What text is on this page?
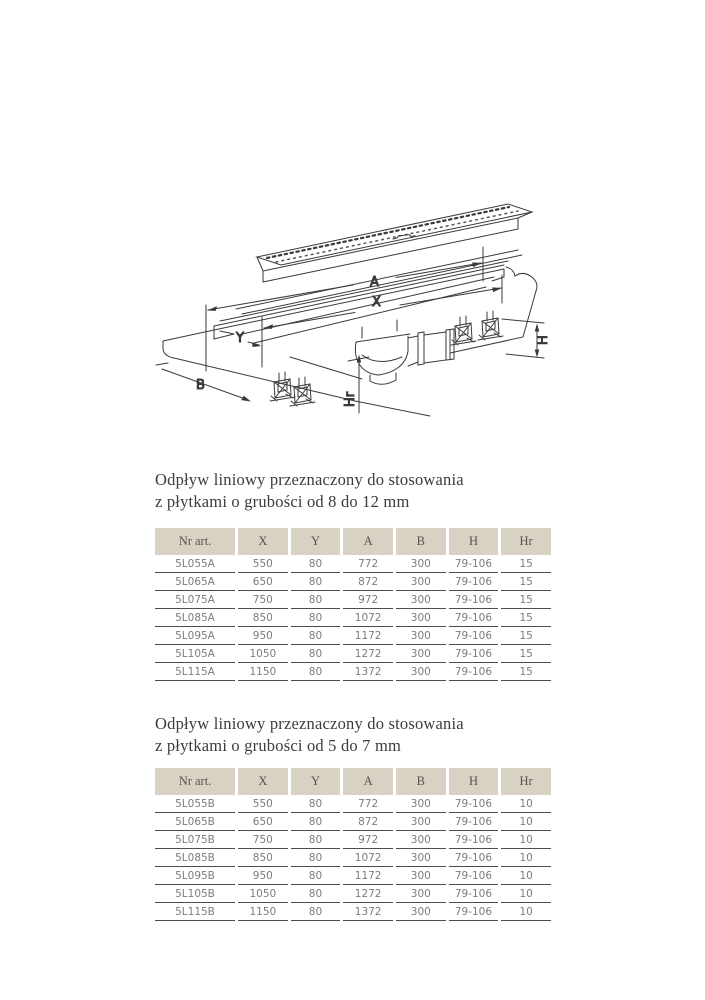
A
X
Y
B
H
Hr
Odpływ liniowy przeznaczony do stosowania
z płytkami o grubości od 8 do 12 mm
Nr art.	X	Y	A	B	H	Hr
5L055A	550	80	772	300	79-106	15
5L065A	650	80	872	300	79-106	15
5L075A	750	80	972	300	79-106	15
5L085A	850	80	1072	300	79-106	15
5L095A	950	80	1172	300	79-106	15
5L105A	1050	80	1272	300	79-106	15
5L115A	1150	80	1372	300	79-106	15
Odpływ liniowy przeznaczony do stosowania
z płytkami o grubości od 5 do 7 mm
Nr art.	X	Y	A	B	H	Hr
5L055B	550	80	772	300	79-106	10
5L065B	650	80	872	300	79-106	10
5L075B	750	80	972	300	79-106	10
5L085B	850	80	1072	300	79-106	10
5L095B	950	80	1172	300	79-106	10
5L105B	1050	80	1272	300	79-106	10
5L115B	1150	80	1372	300	79-106	10
